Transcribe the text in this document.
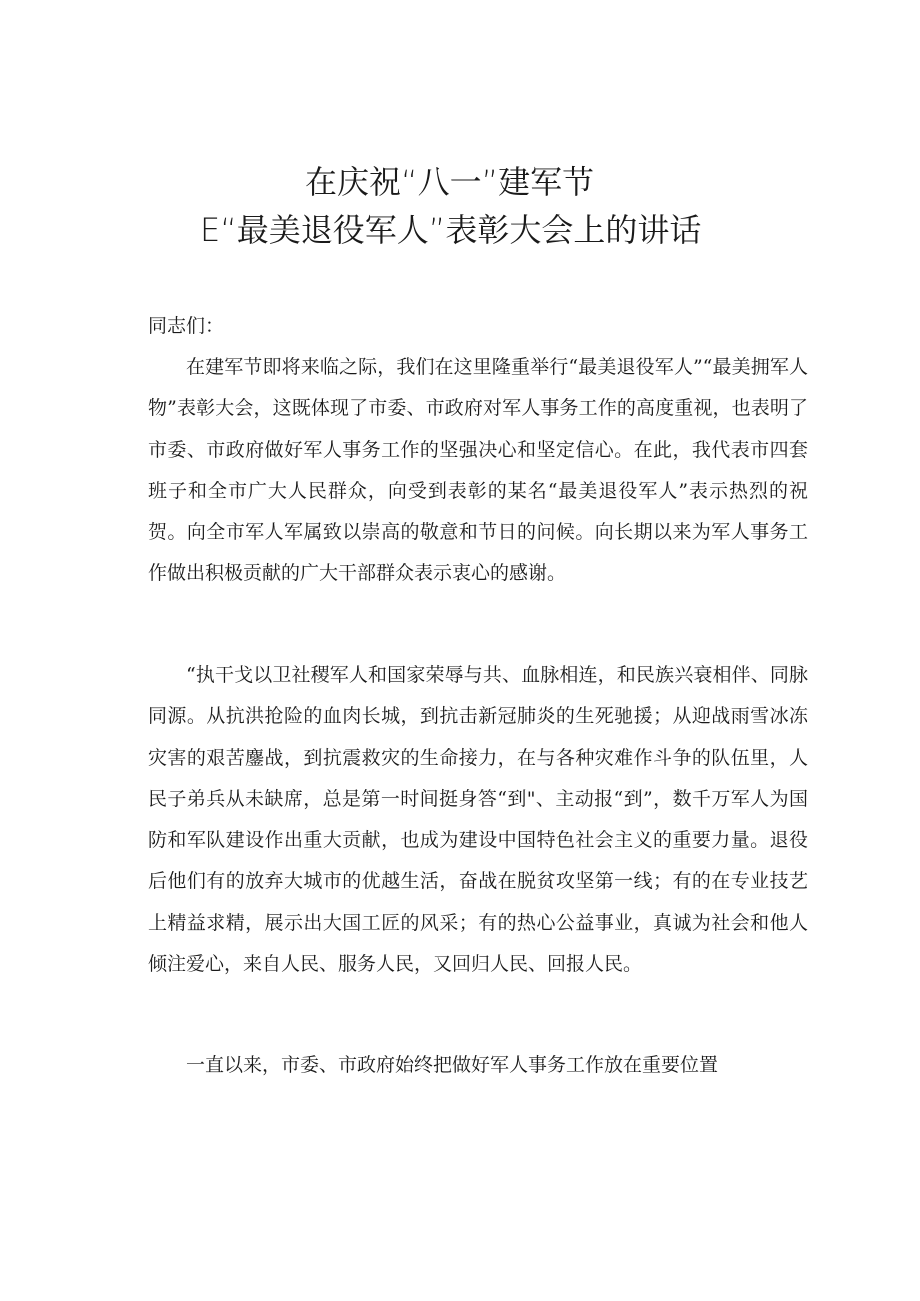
在庆祝“八一”建军节
E“最美退役军人”表彰大会上的讲话
同志们：

在建军节即将来临之际，我们在这里隆重举行“最美退役军人”“最美拥军人物”表彰大会，这既体现了市委、市政府对军人事务工作的高度重视，也表明了市委、市政府做好军人事务工作的坚强决心和坚定信心。在此，我代表市四套班子和全市广大人民群众，向受到表彰的某名“最美退役军人”表示热烈的祝贺。向全市军人军属致以崇高的敬意和节日的问候。向长期以来为军人事务工作做出积极贡献的广大干部群众表示衷心的感谢。

“执干戈以卫社稷军人和国家荣辱与共、血脉相连，和民族兴衰相伴、同脉同源。从抗洪抢险的血肉长城，到抗击新冠肺炎的生死驰援；从迎战雨雪冰冻灾害的艰苦鏖战，到抗震救灾的生命接力，在与各种灾难作斗争的队伍里，人民子弟兵从未缺席，总是第一时间挺身答“到"、主动报“到”，数千万军人为国防和军队建设作出重大贡献，也成为建设中国特色社会主义的重要力量。退役后他们有的放弃大城市的优越生活，奋战在脱贫攻坚第一线；有的在专业技艺上精益求精，展示出大国工匠的风采；有的热心公益事业，真诚为社会和他人倾注爱心，来自人民、服务人民，又回归人民、回报人民。

一直以来，市委、市政府始终把做好军人事务工作放在重要位置
